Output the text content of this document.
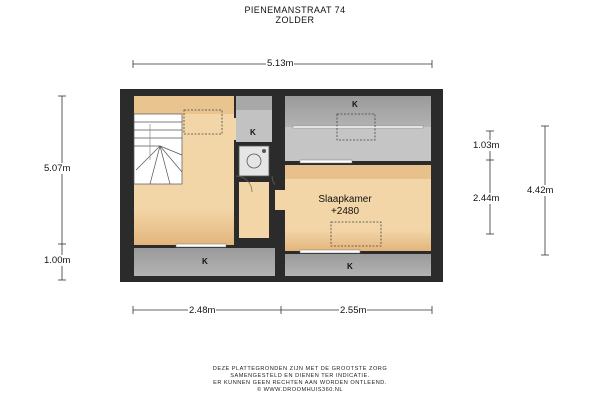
PIENEMANSTRAAT 74
ZOLDER
5.13m
5.07m
1.00m
1.03m
2.44m
4.42m
2.48m	2.55m
K
K
K
K
Slaapkamer
+2480
DEZE PLATTEGRONDEN ZIJN MET DE GROOTSTE ZORG
SAMENGESTELD EN DIENEN TER INDICATIE.
ER KUNNEN GEEN RECHTEN AAN WORDEN ONTLEEND.
© WWW.DROOMHUIS360.NL
